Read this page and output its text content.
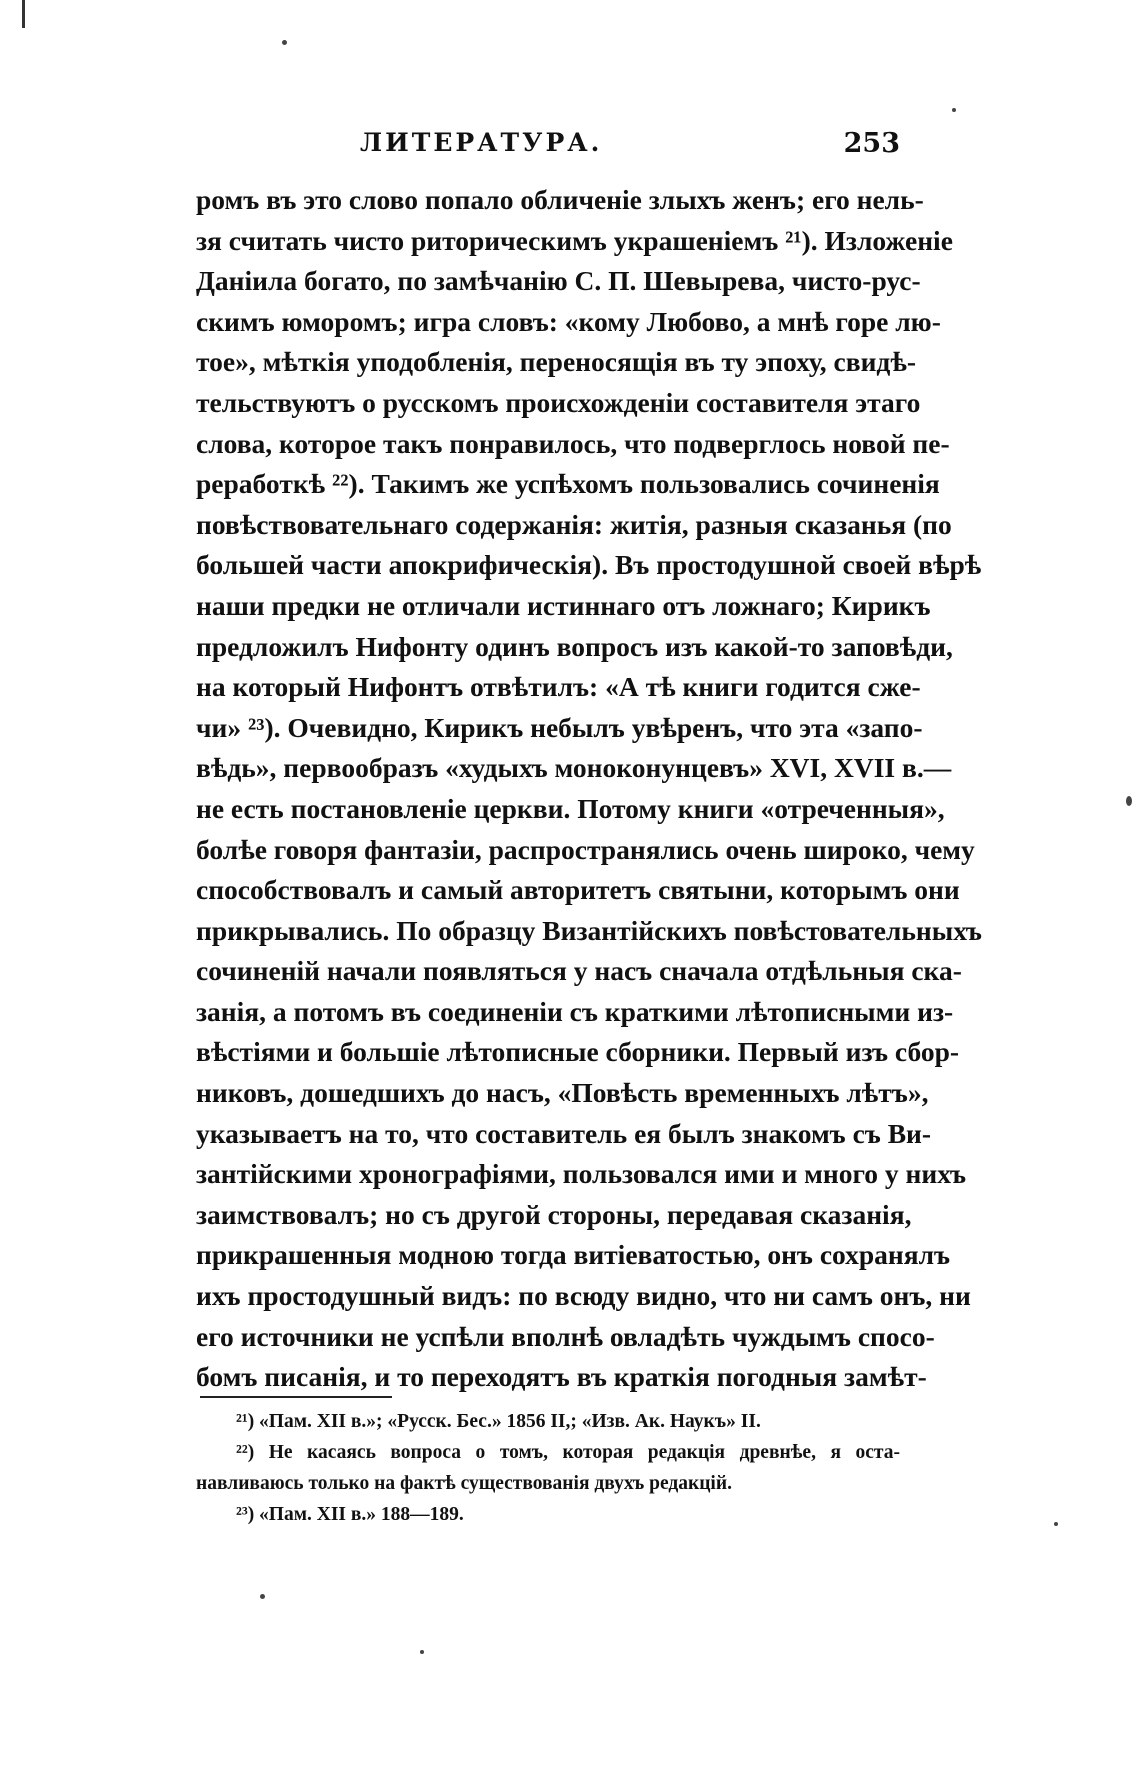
ЛИТЕРАТУРА.	253
ромъ въ это слово попало обличеніе злыхъ женъ; его нель-
зя считать чисто риторическимъ украшеніемъ ²¹). Изложеніе
Даніила богато, по замѣчанію С. П. Шевырева, чисто-рус-
скимъ юморомъ; игра словъ: «кому Любово, а мнѣ горе лю-
тое», мѣткія уподобленія, переносящія въ ту эпоху, свидѣ-
тельствуютъ о русскомъ происхожденіи составителя этаго
слова, которое такъ понравилось, что подверглось новой пе-
реработкѣ ²²). Такимъ же успѣхомъ пользовались сочиненія
повѣствовательнаго содержанія: житія, разныя сказанья (по
большей части апокрифическія). Въ простодушной своей вѣрѣ
наши предки не отличали истиннаго отъ ложнаго; Кирикъ
предложилъ Нифонту одинъ вопросъ изъ какой-то заповѣди,
на который Нифонтъ отвѣтилъ: «А тѣ книги годится сже-
чи» ²³). Очевидно, Кирикъ небылъ увѣренъ, что эта «запо-
вѣдь», первообразъ «худыхъ моноконунцевъ» XVI, XVII в.—
не есть постановленіе церкви. Потому книги «отреченныя»,
болѣе говоря фантазіи, распространялись очень широко, чему
способствовалъ и самый авторитетъ святыни, которымъ они
прикрывались. По образцу Византійскихъ повѣстовательныхъ
сочиненій начали появляться у насъ сначала отдѣльныя ска-
занія, а потомъ въ соединеніи съ краткими лѣтописными из-
вѣстіями и большіе лѣтописные сборники. Первый изъ сбор-
никовъ, дошедшихъ до насъ, «Повѣсть временныхъ лѣтъ»,
указываетъ на то, что составитель ея былъ знакомъ съ Ви-
зантійскими хронографіями, пользовался ими и много у нихъ
заимствовалъ; но съ другой стороны, передавая сказанія,
прикрашенныя модною тогда витіеватостью, онъ сохранялъ
ихъ простодушный видъ: по всюду видно, что ни самъ онъ, ни
его источники не успѣли вполнѣ овладѣть чуждымъ спосо-
бомъ писанія, и то переходятъ въ краткія погодныя замѣт-
²¹) «Пам. XII в.»; «Русск. Бес.» 1856 II,; «Изв. Ак. Наукъ» II.
²²) Не касаясь вопроса о томъ, которая редакція древнѣе, я оста-
навливаюсь только на фактѣ существованія двухъ редакцій.
²³) «Пам. XII в.» 188—189.
